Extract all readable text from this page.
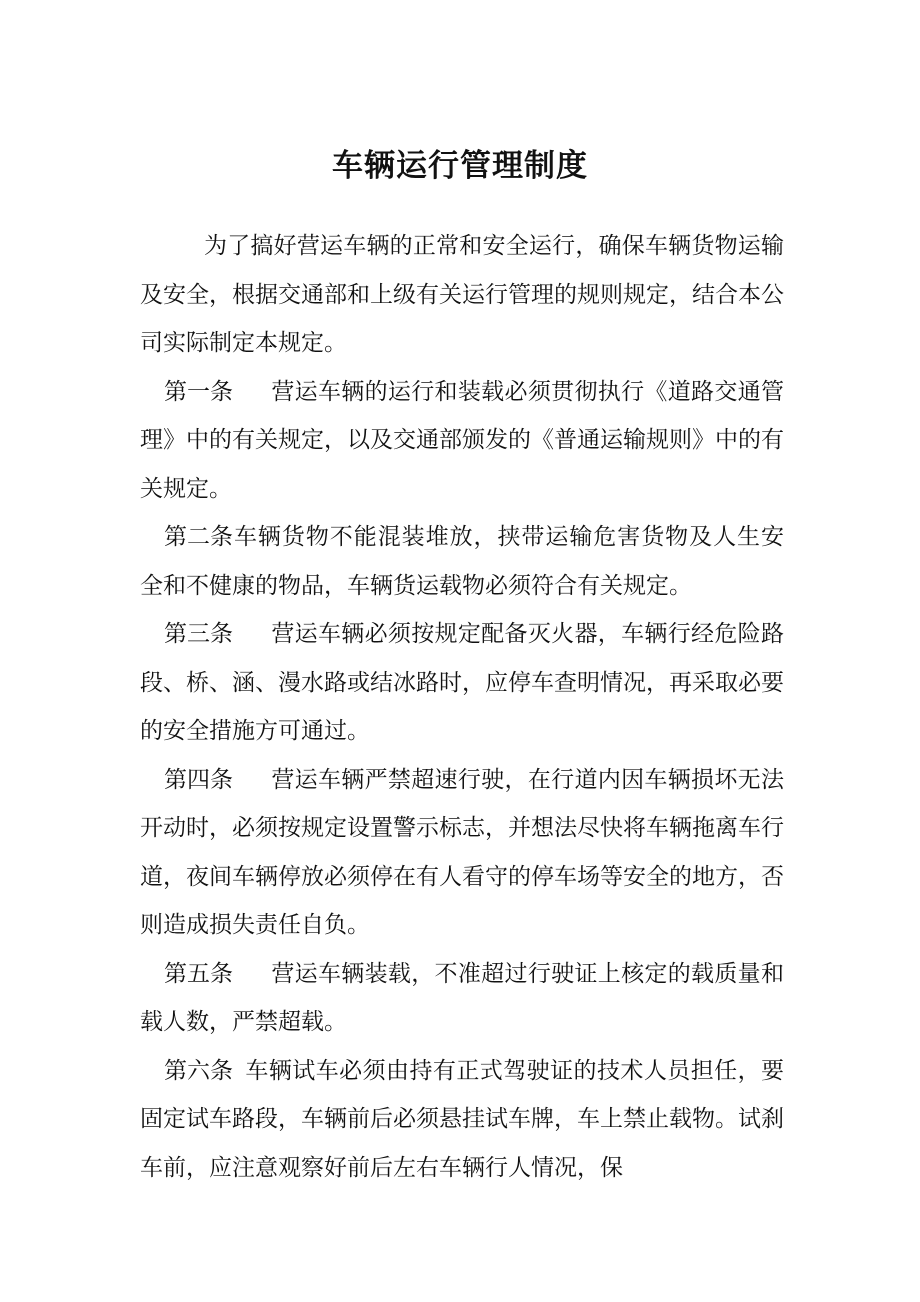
车辆运行管理制度

为了搞好营运车辆的正常和安全运行，确保车辆货物运输及安全，根据交通部和上级有关运行管理的规则规定，结合本公司实际制定本规定。

第一条 营运车辆的运行和装载必须贯彻执行《道路交通管理》中的有关规定，以及交通部颁发的《普通运输规则》中的有关规定。

第二条车辆货物不能混装堆放，挟带运输危害货物及人生安全和不健康的物品，车辆货运载物必须符合有关规定。

第三条 营运车辆必须按规定配备灭火器，车辆行经危险路段、桥、涵、漫水路或结冰路时，应停车查明情况，再采取必要的安全措施方可通过。

第四条 营运车辆严禁超速行驶，在行道内因车辆损坏无法开动时，必须按规定设置警示标志，并想法尽快将车辆拖离车行道，夜间车辆停放必须停在有人看守的停车场等安全的地方，否则造成损失责任自负。

第五条 营运车辆装载，不准超过行驶证上核定的载质量和载人数，严禁超载。

第六条 车辆试车必须由持有正式驾驶证的技术人员担任，要固定试车路段，车辆前后必须悬挂试车牌，车上禁止载物。试刹车前，应注意观察好前后左右车辆行人情况，保
